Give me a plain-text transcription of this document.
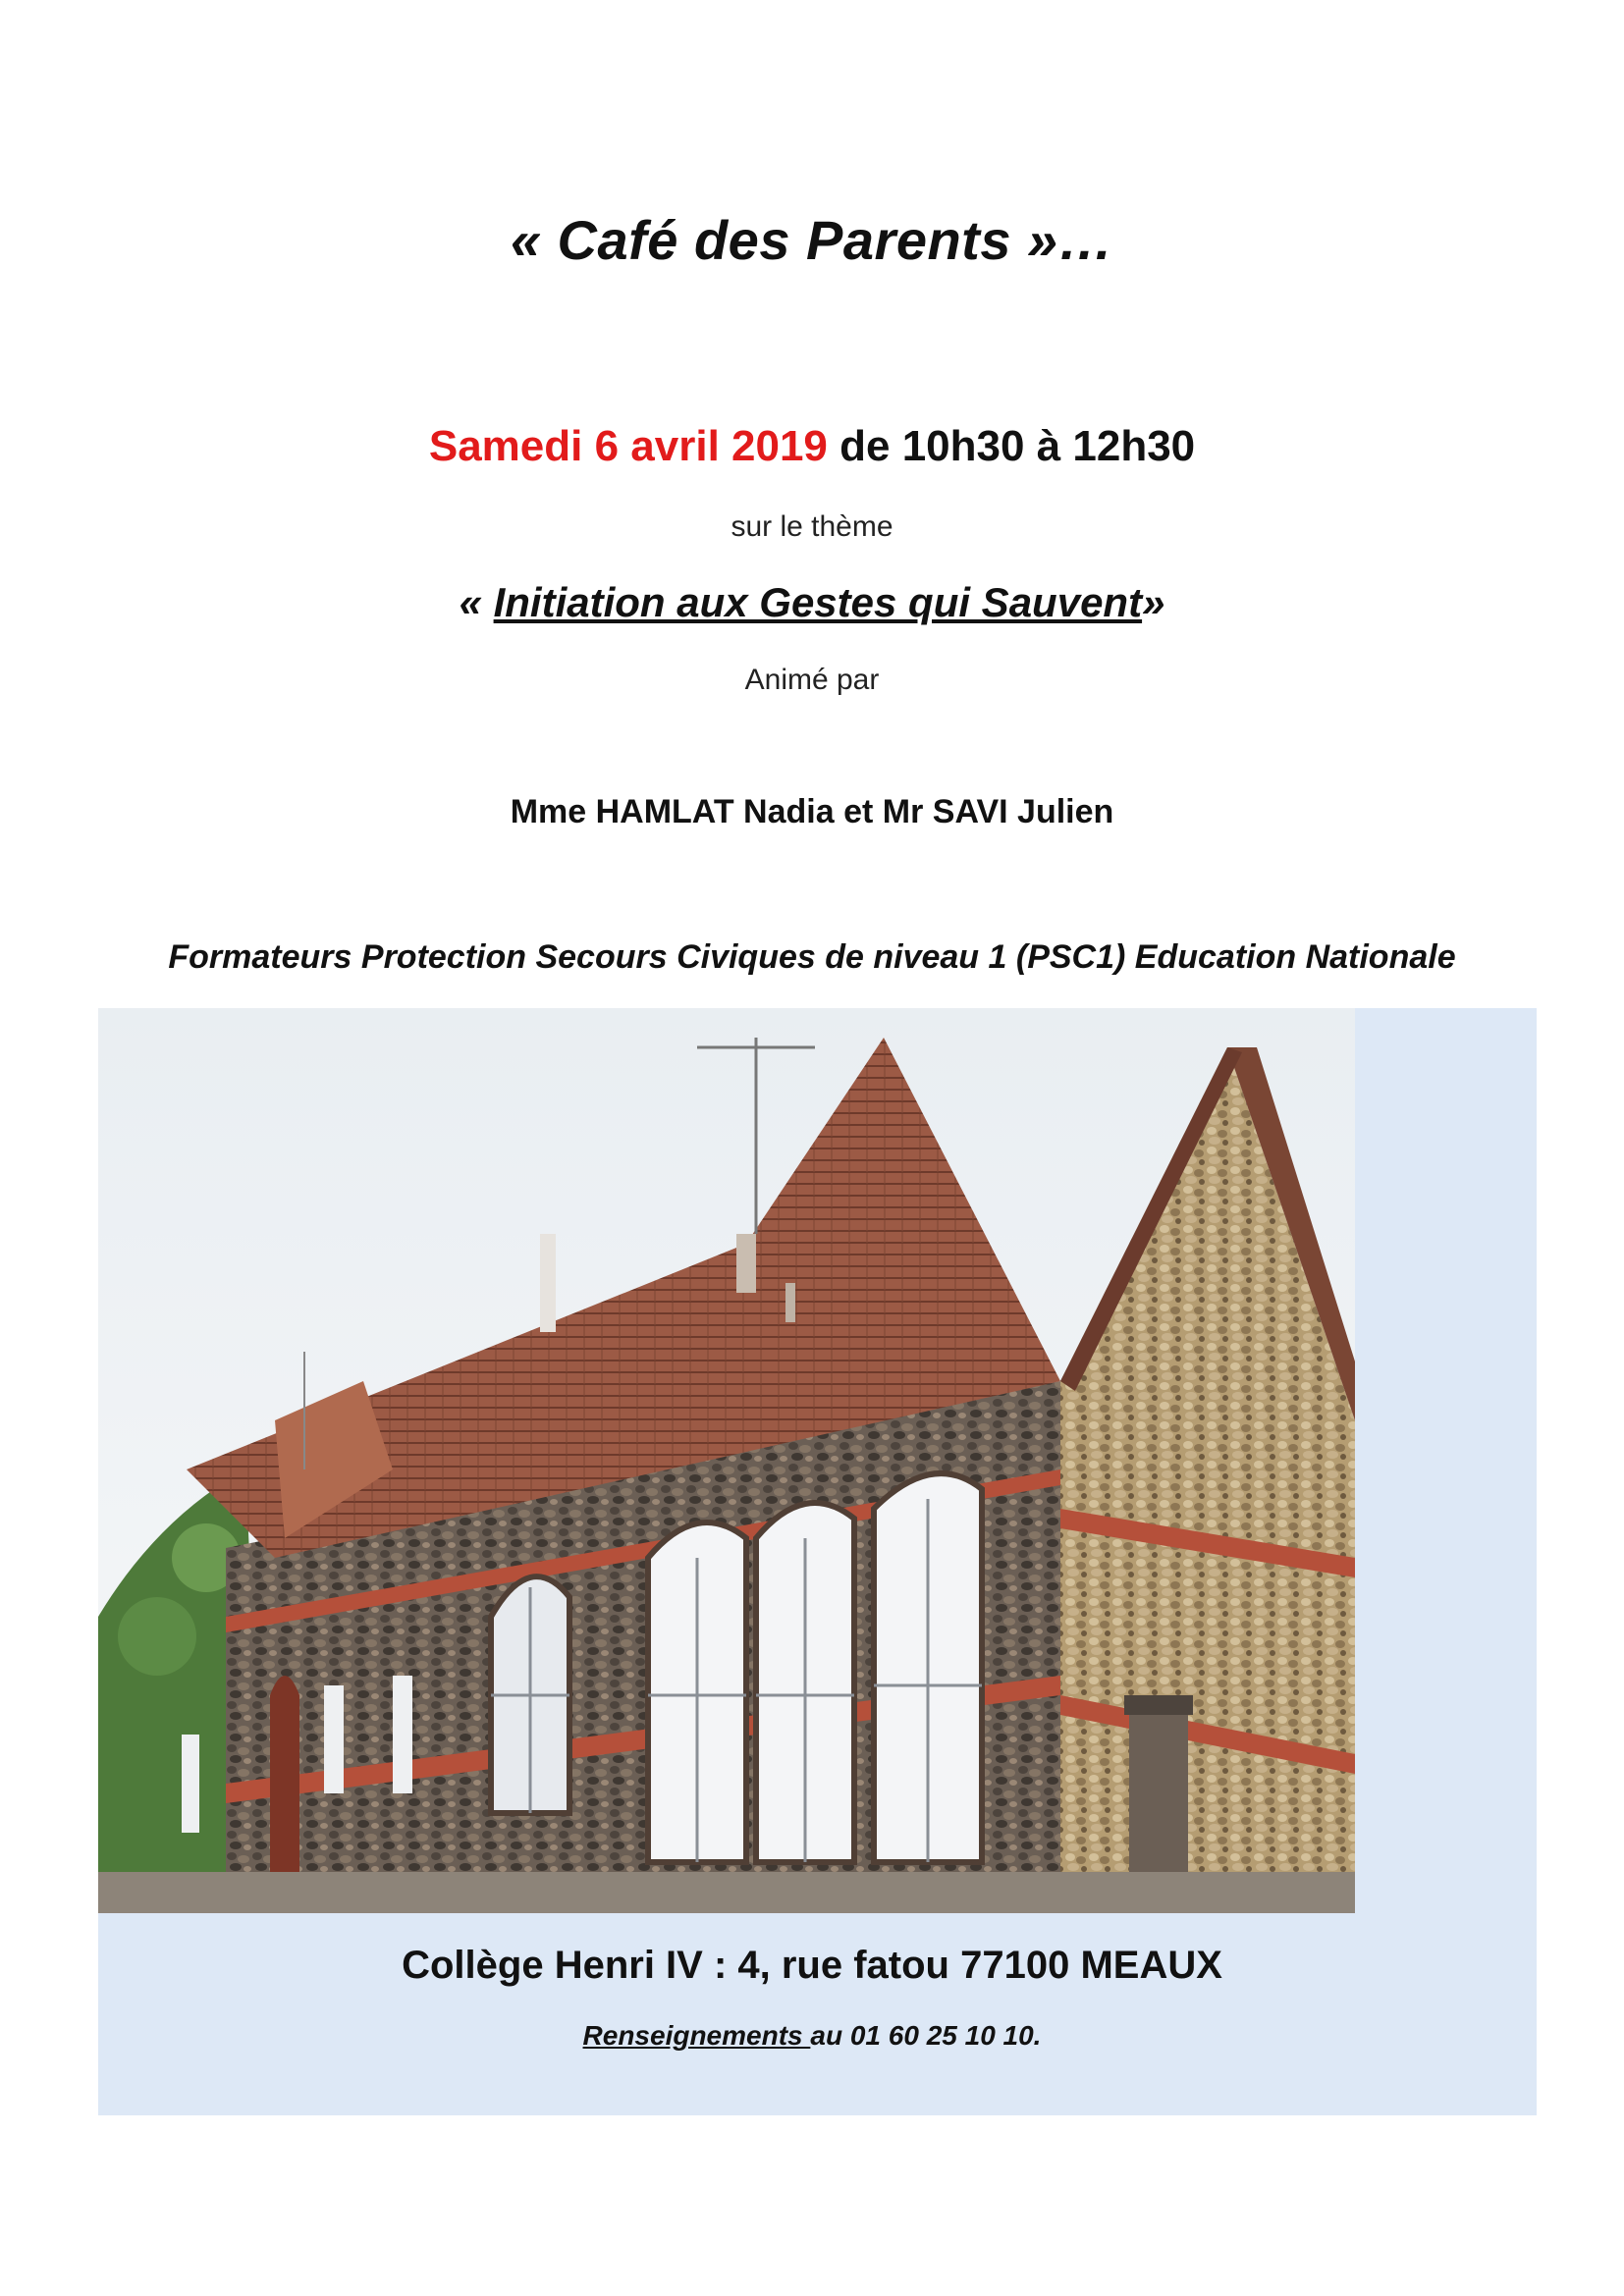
« Café des Parents »…
Samedi 6 avril 2019 de 10h30 à 12h30
sur le thème
« Initiation aux Gestes qui Sauvent»
Animé par
Mme HAMLAT Nadia et Mr SAVI Julien
Formateurs Protection Secours Civiques de niveau 1 (PSC1) Education Nationale
Collège Henri IV : 4, rue fatou 77100 MEAUX
Renseignements au 01 60 25 10 10.
